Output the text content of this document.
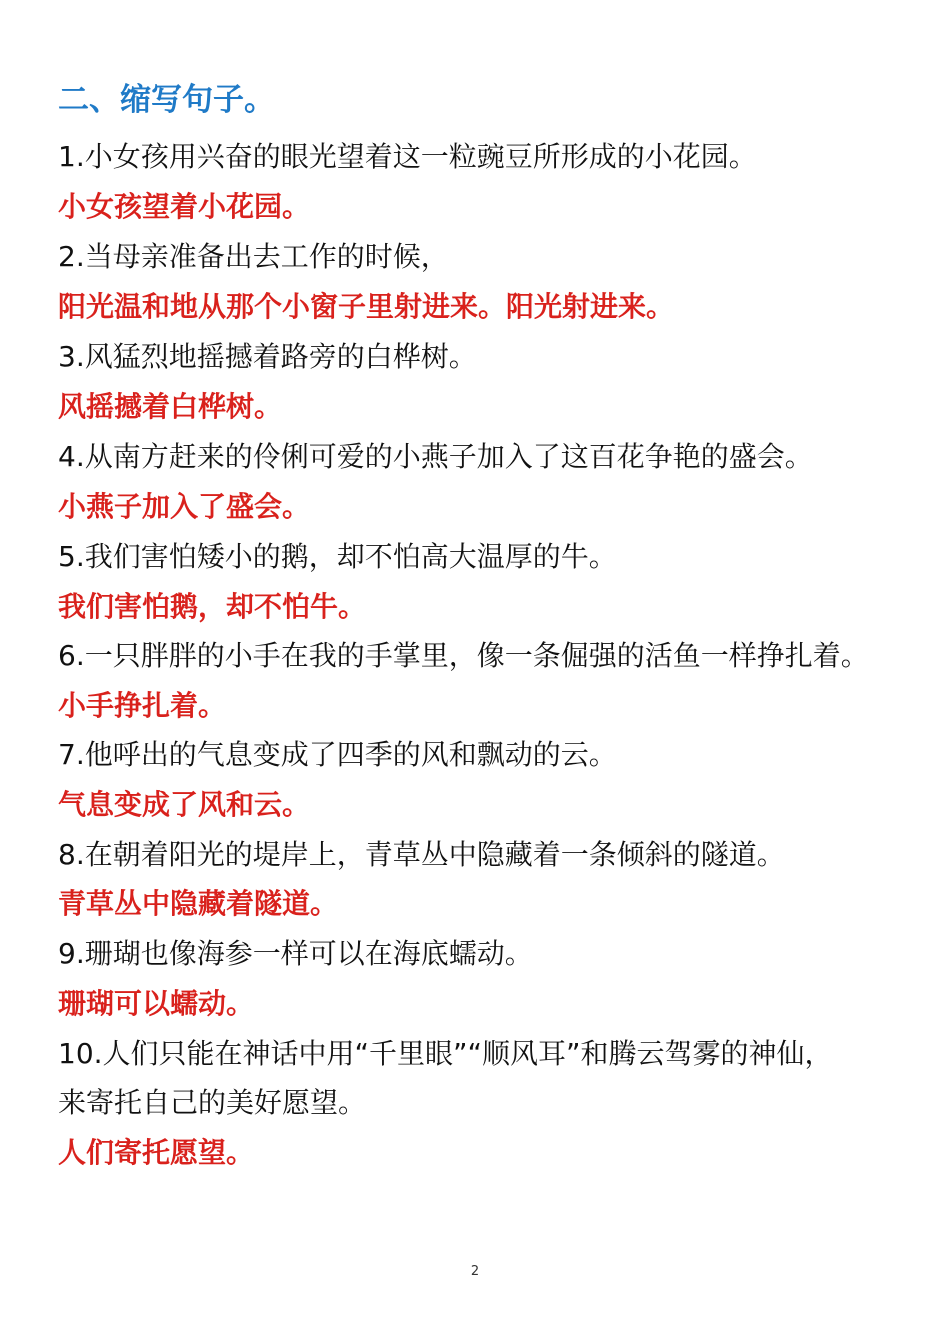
二、缩写句子。
1.小女孩用兴奋的眼光望着这一粒豌豆所形成的小花园。
小女孩望着小花园。
2.当母亲准备出去工作的时候，
阳光温和地从那个小窗子里射进来。阳光射进来。
3.风猛烈地摇撼着路旁的白桦树。
风摇撼着白桦树。
4.从南方赶来的伶俐可爱的小燕子加入了这百花争艳的盛会。
小燕子加入了盛会。
5.我们害怕矮小的鹅，却不怕高大温厚的牛。
我们害怕鹅，却不怕牛。
6.一只胖胖的小手在我的手掌里，像一条倔强的活鱼一样挣扎着。
小手挣扎着。
7.他呼出的气息变成了四季的风和飘动的云。
气息变成了风和云。
8.在朝着阳光的堤岸上，青草丛中隐藏着一条倾斜的隧道。
青草丛中隐藏着隧道。
9.珊瑚也像海参一样可以在海底蠕动。
珊瑚可以蠕动。
10.人们只能在神话中用“千里眼”“顺风耳”和腾云驾雾的神仙，
来寄托自己的美好愿望。
人们寄托愿望。
2
